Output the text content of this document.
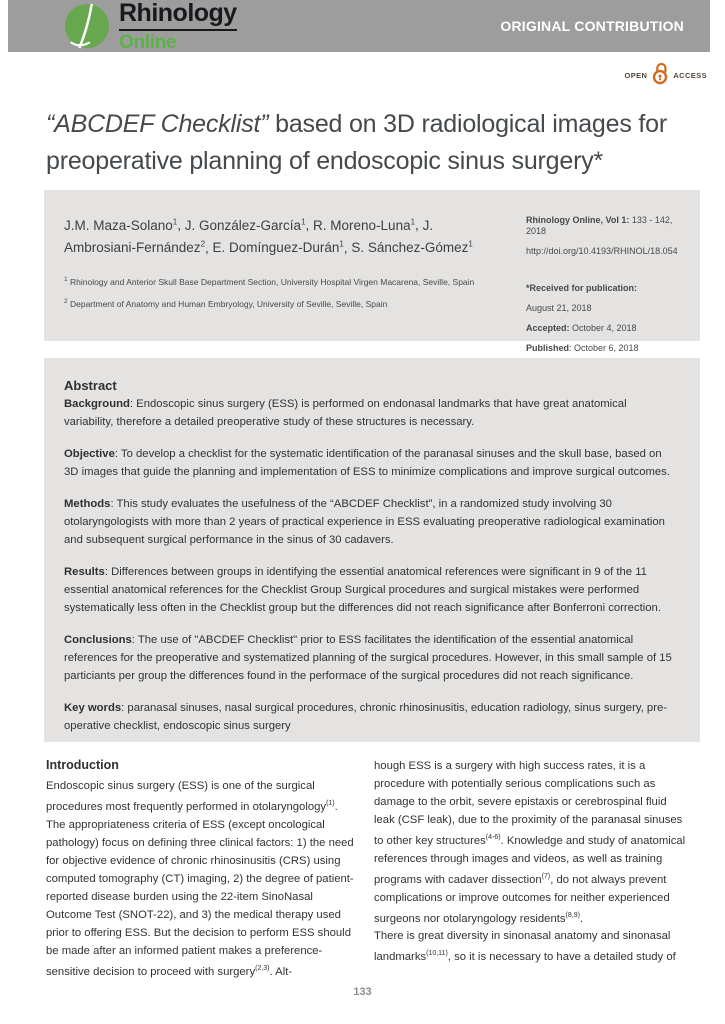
Rhinology
Online
ORIGINAL CONTRIBUTION
OPEN	ACCESS
“ABCDEF Checklist” based on 3D radiological images for preoperative planning of endoscopic sinus surgery*
J.M. Maza-Solano$^1$, J. González-García$^1$, R. Moreno-Luna$^1$, J. Ambrosiani-Fernández$^2$, E. Domínguez-Durán$^1$, S. Sánchez-Gómez$^1$
$^1$ Rhinology and Anterior Skull Base Department Section, University Hospital Virgen Macarena, Seville, Spain
$^2$ Department of Anatomy and Human Embryology, University of Seville, Seville, Spain
Rhinology Online, Vol 1: 133 - 142, 2018
http://doi.org/10.4193/RHINOL/18.054
*Received for publication:
August 21, 2018
Accepted: October 4, 2018
Published: October 6, 2018
Abstract

Background: Endoscopic sinus surgery (ESS) is performed on endonasal landmarks that have great anatomical variability, therefore a detailed preoperative study of these structures is necessary.

Objective: To develop a checklist for the systematic identification of the paranasal sinuses and the skull base, based on 3D images that guide the planning and implementation of ESS to minimize complications and improve surgical outcomes.

Methods: This study evaluates the usefulness of the “ABCDEF Checklist”, in a randomized study involving 30 otolaryngologists with more than 2 years of practical experience in ESS evaluating preoperative radiological examination and subsequent surgical performance in the sinus of 30 cadavers.

Results: Differences between groups in identifying the essential anatomical references were significant in 9 of the 11 essential anatomical references for the Checklist Group Surgical procedures and surgical mistakes were performed systematically less often in the Checklist group but the differences did not reach significance after Bonferroni correction.

Conclusions: The use of "ABCDEF Checklist" prior to ESS facilitates the identification of the essential anatomical references for the preoperative and systematized planning of the surgical procedures. However, in this small sample of 15 particiants per group the differences found in the performace of the surgical procedures did not reach significance.

Key words: paranasal sinuses, nasal surgical procedures, chronic rhinosinusitis, education radiology, sinus surgery, pre-operative checklist, endoscopic sinus surgery

Introduction
Endoscopic sinus surgery (ESS) is one of the surgical procedures most frequently performed in otolaryngology$^{(1)}$. The appropriateness criteria of ESS (except oncological pathology) focus on defining three clinical factors: 1) the need for objective evidence of chronic rhinosinusitis (CRS) using computed tomography (CT) imaging, 2) the degree of patient-reported disease burden using the 22-item SinoNasal Outcome Test (SNOT-22), and 3) the medical therapy used prior to offering ESS. But the decision to perform ESS should be made after an informed patient makes a preference-sensitive decision to proceed with surgery$^{(2,3)}$. Alt-
hough ESS is a surgery with high success rates, it is a procedure with potentially serious complications such as damage to the orbit, severe epistaxis or cerebrospinal fluid leak (CSF leak), due to the proximity of the paranasal sinuses to other key structures$^{(4-6)}$. Knowledge and study of anatomical references through images and videos, as well as training programs with cadaver dissection$^{(7)}$, do not always prevent complications or improve outcomes for neither experienced surgeons nor otolaryngology residents$^{(8,9)}$.
There is great diversity in sinonasal anatomy and sinonasal landmarks$^{(10,11)}$, so it is necessary to have a detailed study of
133
